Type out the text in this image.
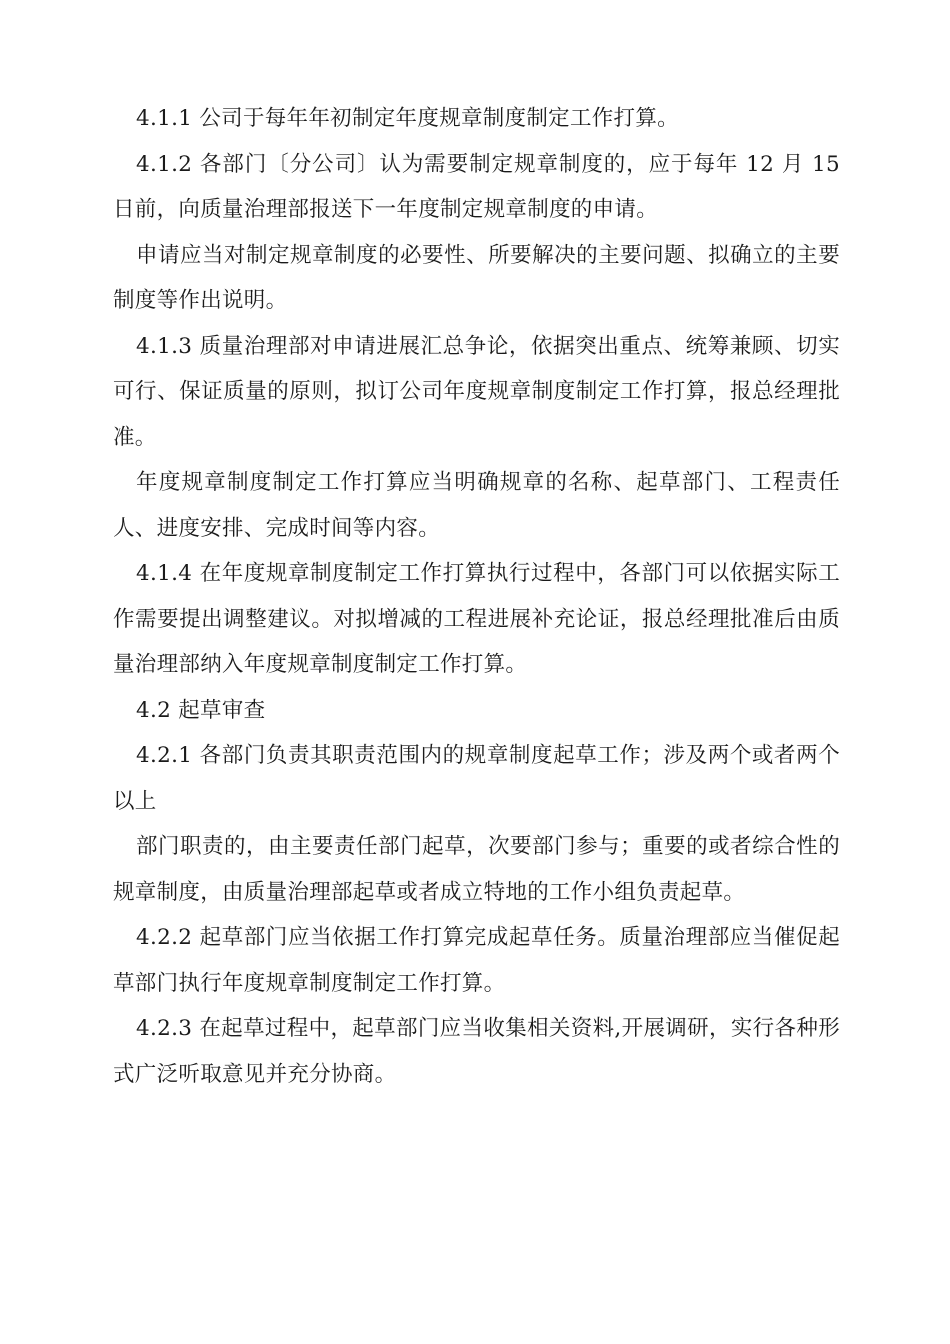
4.1.1 公司于每年年初制定年度规章制度制定工作打算。

4.1.2 各部门〔分公司〕认为需要制定规章制度的，应于每年 12 月 15 日前，向质量治理部报送下一年度制定规章制度的申请。

申请应当对制定规章制度的必要性、所要解决的主要问题、拟确立的主要制度等作出说明。

4.1.3 质量治理部对申请进展汇总争论，依据突出重点、统筹兼顾、切实可行、保证质量的原则，拟订公司年度规章制度制定工作打算，报总经理批准。

年度规章制度制定工作打算应当明确规章的名称、起草部门、工程责任人、进度安排、完成时间等内容。

4.1.4 在年度规章制度制定工作打算执行过程中，各部门可以依据实际工作需要提出调整建议。对拟增减的工程进展补充论证，报总经理批准后由质量治理部纳入年度规章制度制定工作打算。

4.2 起草审查

4.2.1 各部门负责其职责范围内的规章制度起草工作；涉及两个或者两个以上

部门职责的，由主要责任部门起草，次要部门参与；重要的或者综合性的规章制度，由质量治理部起草或者成立特地的工作小组负责起草。

4.2.2 起草部门应当依据工作打算完成起草任务。质量治理部应当催促起草部门执行年度规章制度制定工作打算。

4.2.3 在起草过程中，起草部门应当收集相关资料,开展调研，实行各种形式广泛听取意见并充分协商。
